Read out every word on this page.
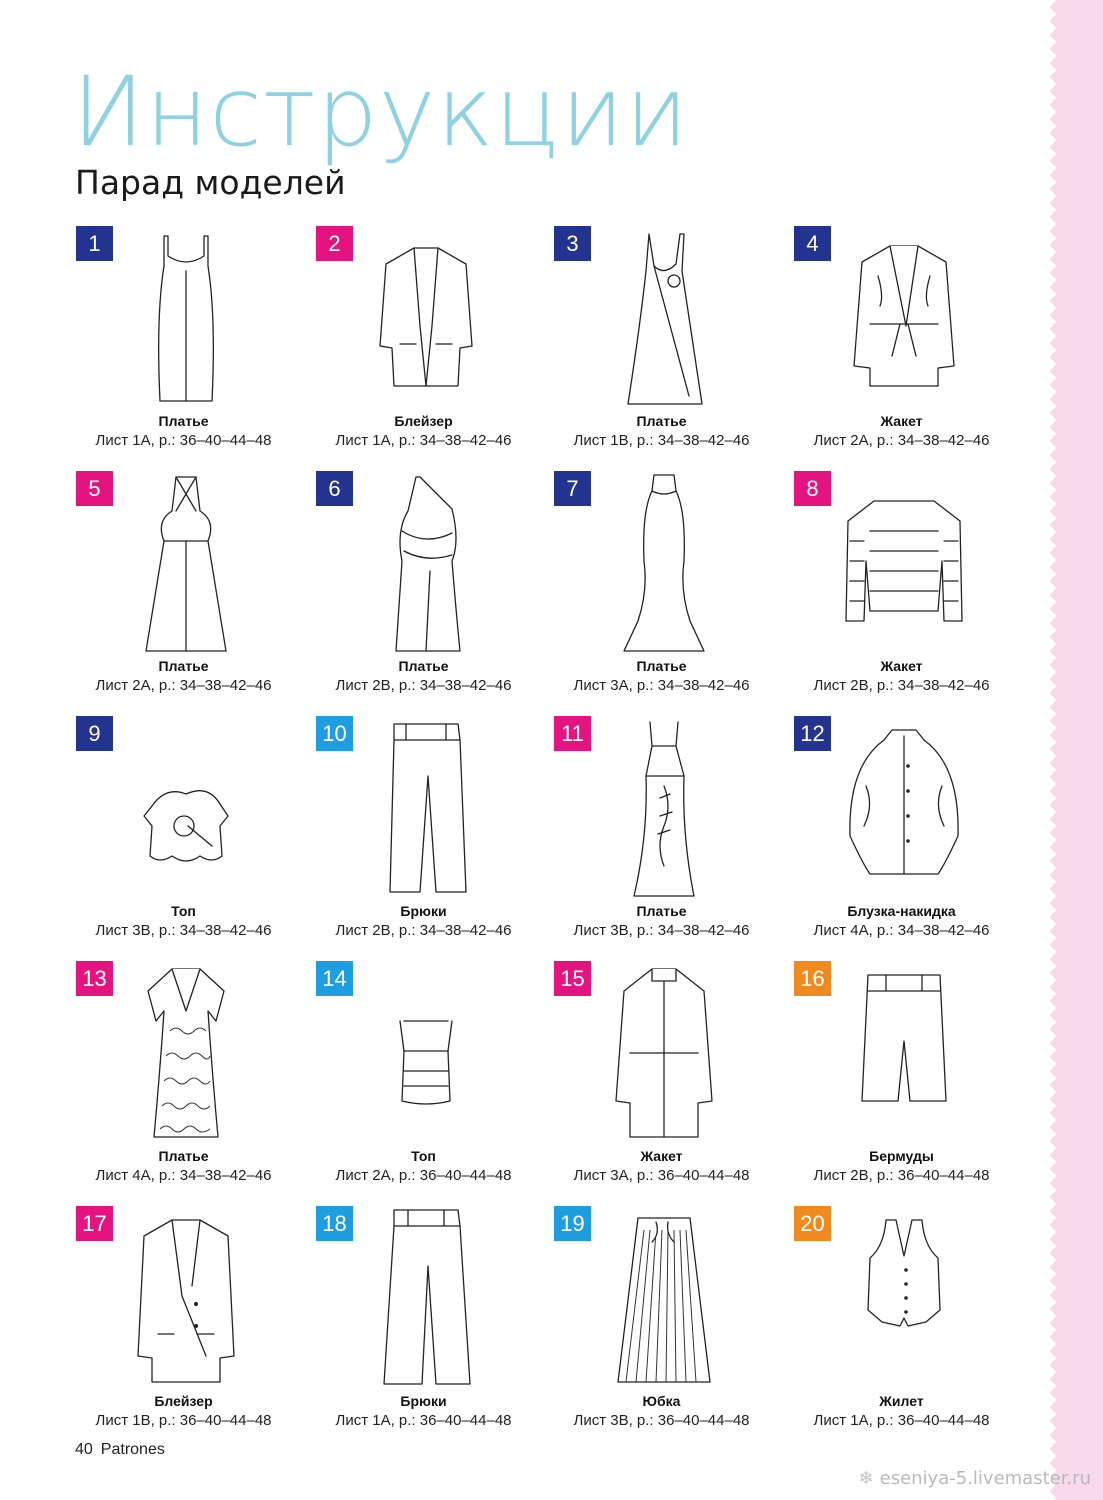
Инструкции
Парад моделей
1
Платье
Лист 1А, р.: 36–40–44–48
2
Блейзер
Лист 1А, р.: 34–38–42–46
3
Платье
Лист 1В, р.: 34–38–42–46
4
Жакет
Лист 2А, р.: 34–38–42–46
5
Платье
Лист 2А, р.: 34–38–42–46
6
Платье
Лист 2В, р.: 34–38–42–46
7
Платье
Лист 3А, р.: 34–38–42–46
8
Жакет
Лист 2В, р.: 34–38–42–46
9
Топ
Лист 3В, р.: 34–38–42–46
10
Брюки
Лист 2В, р.: 34–38–42–46
11
Платье
Лист 3В, р.: 34–38–42–46
12
Блузка-накидка
Лист 4А, р.: 34–38–42–46
13
Платье
Лист 4А, р.: 34–38–42–46
14
Топ
Лист 2А, р.: 36–40–44–48
15
Жакет
Лист 3А, р.: 36–40–44–48
16
Бермуды
Лист 2В, р.: 36–40–44–48
17
Блейзер
Лист 1В, р.: 36–40–44–48
18
Брюки
Лист 1А, р.: 36–40–44–48
19
Юбка
Лист 3В, р.: 36–40–44–48
20
Жилет
Лист 1А, р.: 36–40–44–48
40 Patrones
❄ eseniya-5.livemaster.ru
